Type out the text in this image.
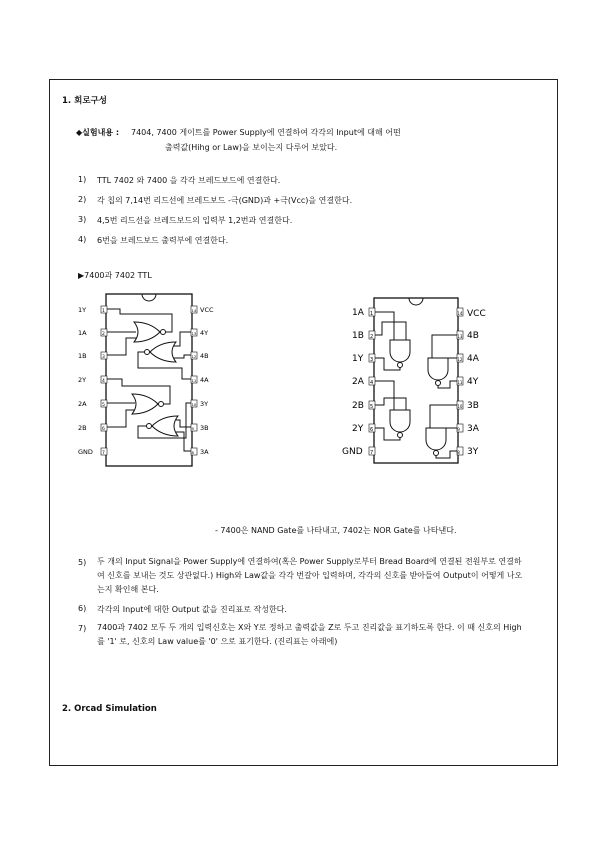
1. 회로구성
◆실험내용 : 7404, 7400 게이트를 Power Supply에 연결하여 각각의 Input에 대해 어떤
출력값(Hihg or Law)을 보이는지 다루어 보았다.
1) TTL 7402 와 7400 을 각각 브레드보드에 연결한다.
2) 각 칩의 7,14번 리드선에 브레드보드 -극(GND)과 +극(Vcc)을 연결한다.
3) 4,5번 리드선을 브레드보드의 입력부 1,2번과 연결한다.
4) 6번을 브레드보드 출력부에 연결한다.
▶7400과 7402 TTL
1Y	1
1A	2
1B	3
2Y	4
2A	5
2B	6
GND 7
14 VCC
13 4Y
12 4B
11 4A
10 3Y
9 3B
8 3A
1A 1
1B 2
1Y 3
2A 4
2B 5
2Y 6
GND 7
14 VCC
13 4B
12 4A
11 4Y
10 3B
9 3A
8 3Y
- 7400은 NAND Gate를 나타내고, 7402는 NOR Gate를 나타낸다.
5) 두 개의 Input Signal을 Power Supply에 연결하여(혹은 Power Supply로부터 Bread Board에 연결된 전원부로 연결하여 신호를 보내는 것도 상관없다.) High와 Law값을 각각 번갈아 입력하며, 각각의 신호를 받아들여 Output이 어떻게 나오는지 확인해 본다.
6) 각각의 Input에 대한 Output 값을 진리표로 작성한다.
7) 7400과 7402 모두 두 개의 입력신호는 X와 Y로 정하고 출력값을 Z로 두고 진리값을 표기하도록 한다. 이 때 신호의 High를 '1' 로, 신호의 Law value를 '0' 으로 표기한다. (진리표는 아래에)
2. Orcad Simulation
